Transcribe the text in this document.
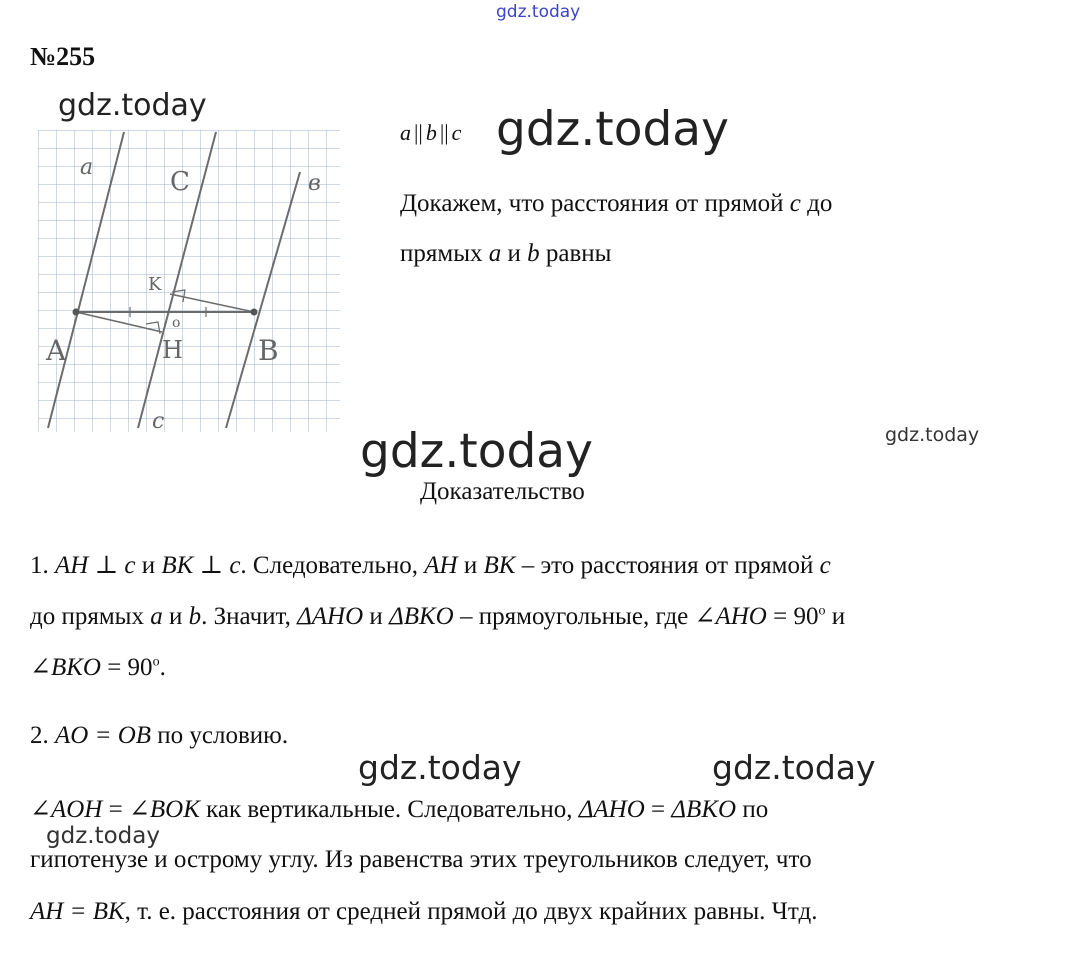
gdz.today
gdz.today	gdz.today
gdz.today	gdz.today
gdz.today	gdz.today
gdz.today
№255
a	C	в
A	B
K
H
o
c
a || b || c
Докажем, что расстояния от прямой c до
прямых a и b равны
Доказательство
1. AH ⊥ c и BK ⊥ c. Следовательно, AH и BK – это расстояния от прямой c
до прямых a и b. Значит, ΔAHO и ΔBKO – прямоугольные, где ∠AHO = $90^о$ и
∠BKO = $90^о$.
2. AO = OB по условию.
∠AOH = ∠BOK как вертикальные. Следовательно, ΔAHO = ΔBKO по
гипотенузе и острому углу. Из равенства этих треугольников следует, что
AH = BK, т. е. расстояния от средней прямой до двух крайних равны. Чтд.
